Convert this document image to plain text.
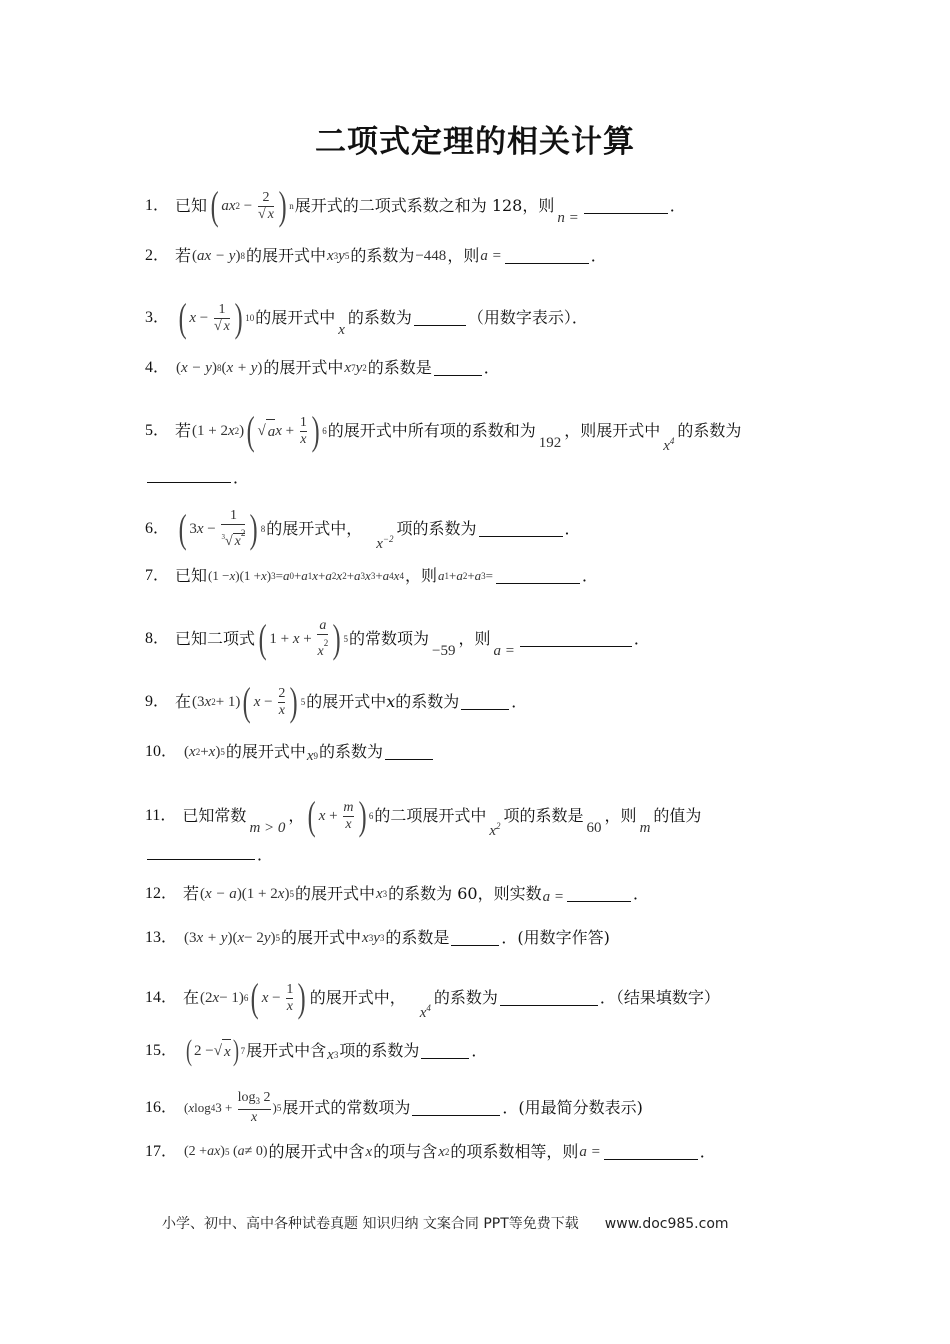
二项式定理的相关计算
1． 已知 ( ax $2 - \frac{2}{√ x}$ ) n 展开式的二项式系数之和为 128，则
n =
．
2． 若 ( ax − y ) 8 的展开式中 x 3 y 5 的系数为 −448 ，则 a =	．
3． ( $x - \frac{1}{√ x}$ ) 10 的展开式中
x
的系数为	（用数字表示）．
4． ( x − y ) 8 ( x + y ) 的展开式中 x 7 y 2 的系数是	．
5． 若 (1 + 2 x 2 ) ( √ a $x + \frac{1}{x}$ ) 6 的展开式中所有项的系数和为
192
，则展开式中
$x^4$
的系数为
．
6． ( 3 $x - \frac{1}{^3√ x^2}$ ) 8 的展开式中，
$x^{-2}$
项的系数为	．
7． 已知 (1 − x )(1 + x ) 3 = a 0 + a 1 x + a 2 x 2 + a 3 x 3 + a 4 x 4 ，则 a 1 + a 2 + a 3 =	．
8． 已知二项式 ( $1 + x + \frac{a}{x^2}$ ) 5 的常数项为
−59
，则
a =
．
9． 在 (3 x 2 + 1) ( $x - \frac{2}{x}$ ) 5 的展开式中 x 的系数为	．
10． ( x 2 + x ) 5 的展开式中 x 9 的系数为
11． 已知常数
m > 0
， ( $x + \frac{m}{x}$ ) 6 的二项展开式中
$x^2$
项的系数是
60
，则
m
的值为
．
12． 若 ( x − a )(1 + 2 x ) 5 的展开式中 x 3 的系数为 60，则实数 a =	．
13． (3 x + y )( x − 2 y ) 5 的展开式中 x 3 y 3 的系数是	．(用数字作答)
14． 在 (2 x − 1) 6 ( $x - \frac{1}{x}$ ) 的展开式中，
$x^4$
的系数为	．（结果填数字）
15． ( 2 − √ x ) 7 展开式中含 x 3 项的系数为	．
16． ( x log 4 $3 + \frac{\log_3 2}{x}$ ) 5 展开式的常数项为	．(用最简分数表示)
17． (2 + ax ) 5 ( a ≠ 0) 的展开式中含 x 的项与含 x 2 的项系数相等，则 a =	．
小学、初中、高中各种试卷真题 知识归纳 文案合同 PPT等免费下载 www.doc985.com
